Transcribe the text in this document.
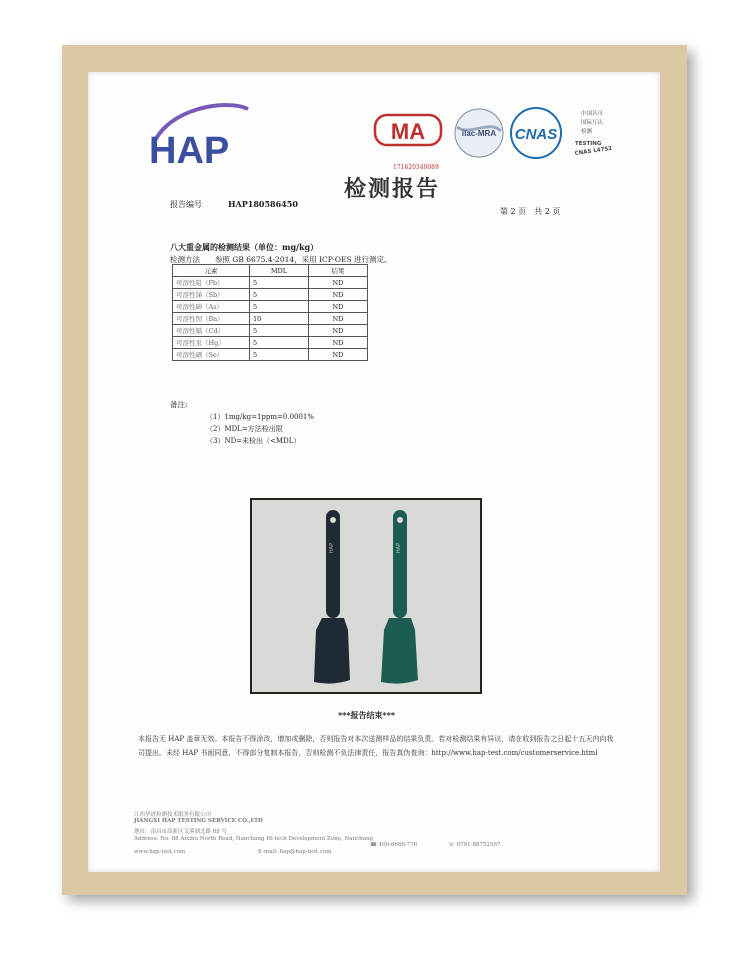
HAP	MA	ilac-MRA CNAS
中国认可
国际互认
检测
TESTING
CNAS L4752
171620340089
检测报告
报告编号	HAP180586450
第 2 页　共 2 页
八大重金属的检测结果（单位：mg/kg）
检测方法　　参照 GB 6675.4-2014，采用 ICP-OES 进行测定。
元素	MDL	结果
可溶性铅（Pb）	5	ND
可溶性锑（Sb）	5	ND
可溶性砷（As）	5	ND
可溶性钡（Ba）	10	ND
可溶性镉（Cd）	5	ND
可溶性汞（Hg）	5	ND
可溶性硒（Se）	5	ND
备注:
（1）1mg/kg=1ppm=0.0001%
（2）MDL=方法检出限
（3）ND=未检出（<MDL）
HAP	HAP
***报告结束***
本报告无 HAP 盖章无效。本报告不得涂改，增加或删除，否则报告对本次送测样品的结果负责。若对检测结果有异议，请在收到报告之日起十五天内向我司提出。未经 HAP 书面同意，不得部分复制本报告，否则检测不负法律责任，报告真伪查询：http://www.hap-test.com/customerservice.html
江西华谱检测技术服务有限公司
JIANGXI HAP TESTING SERVICE CO.,LTD
地址：南昌市高新区艾溪湖北路 88 号
Address: No. 88 Aixihu North Road, Nanchang Hi-tech Development Zone, Nanchang
www.hap-test.com	E-mail: hap@hap-test.com
☎ 400-6666-776	☏ 0791-88752567
